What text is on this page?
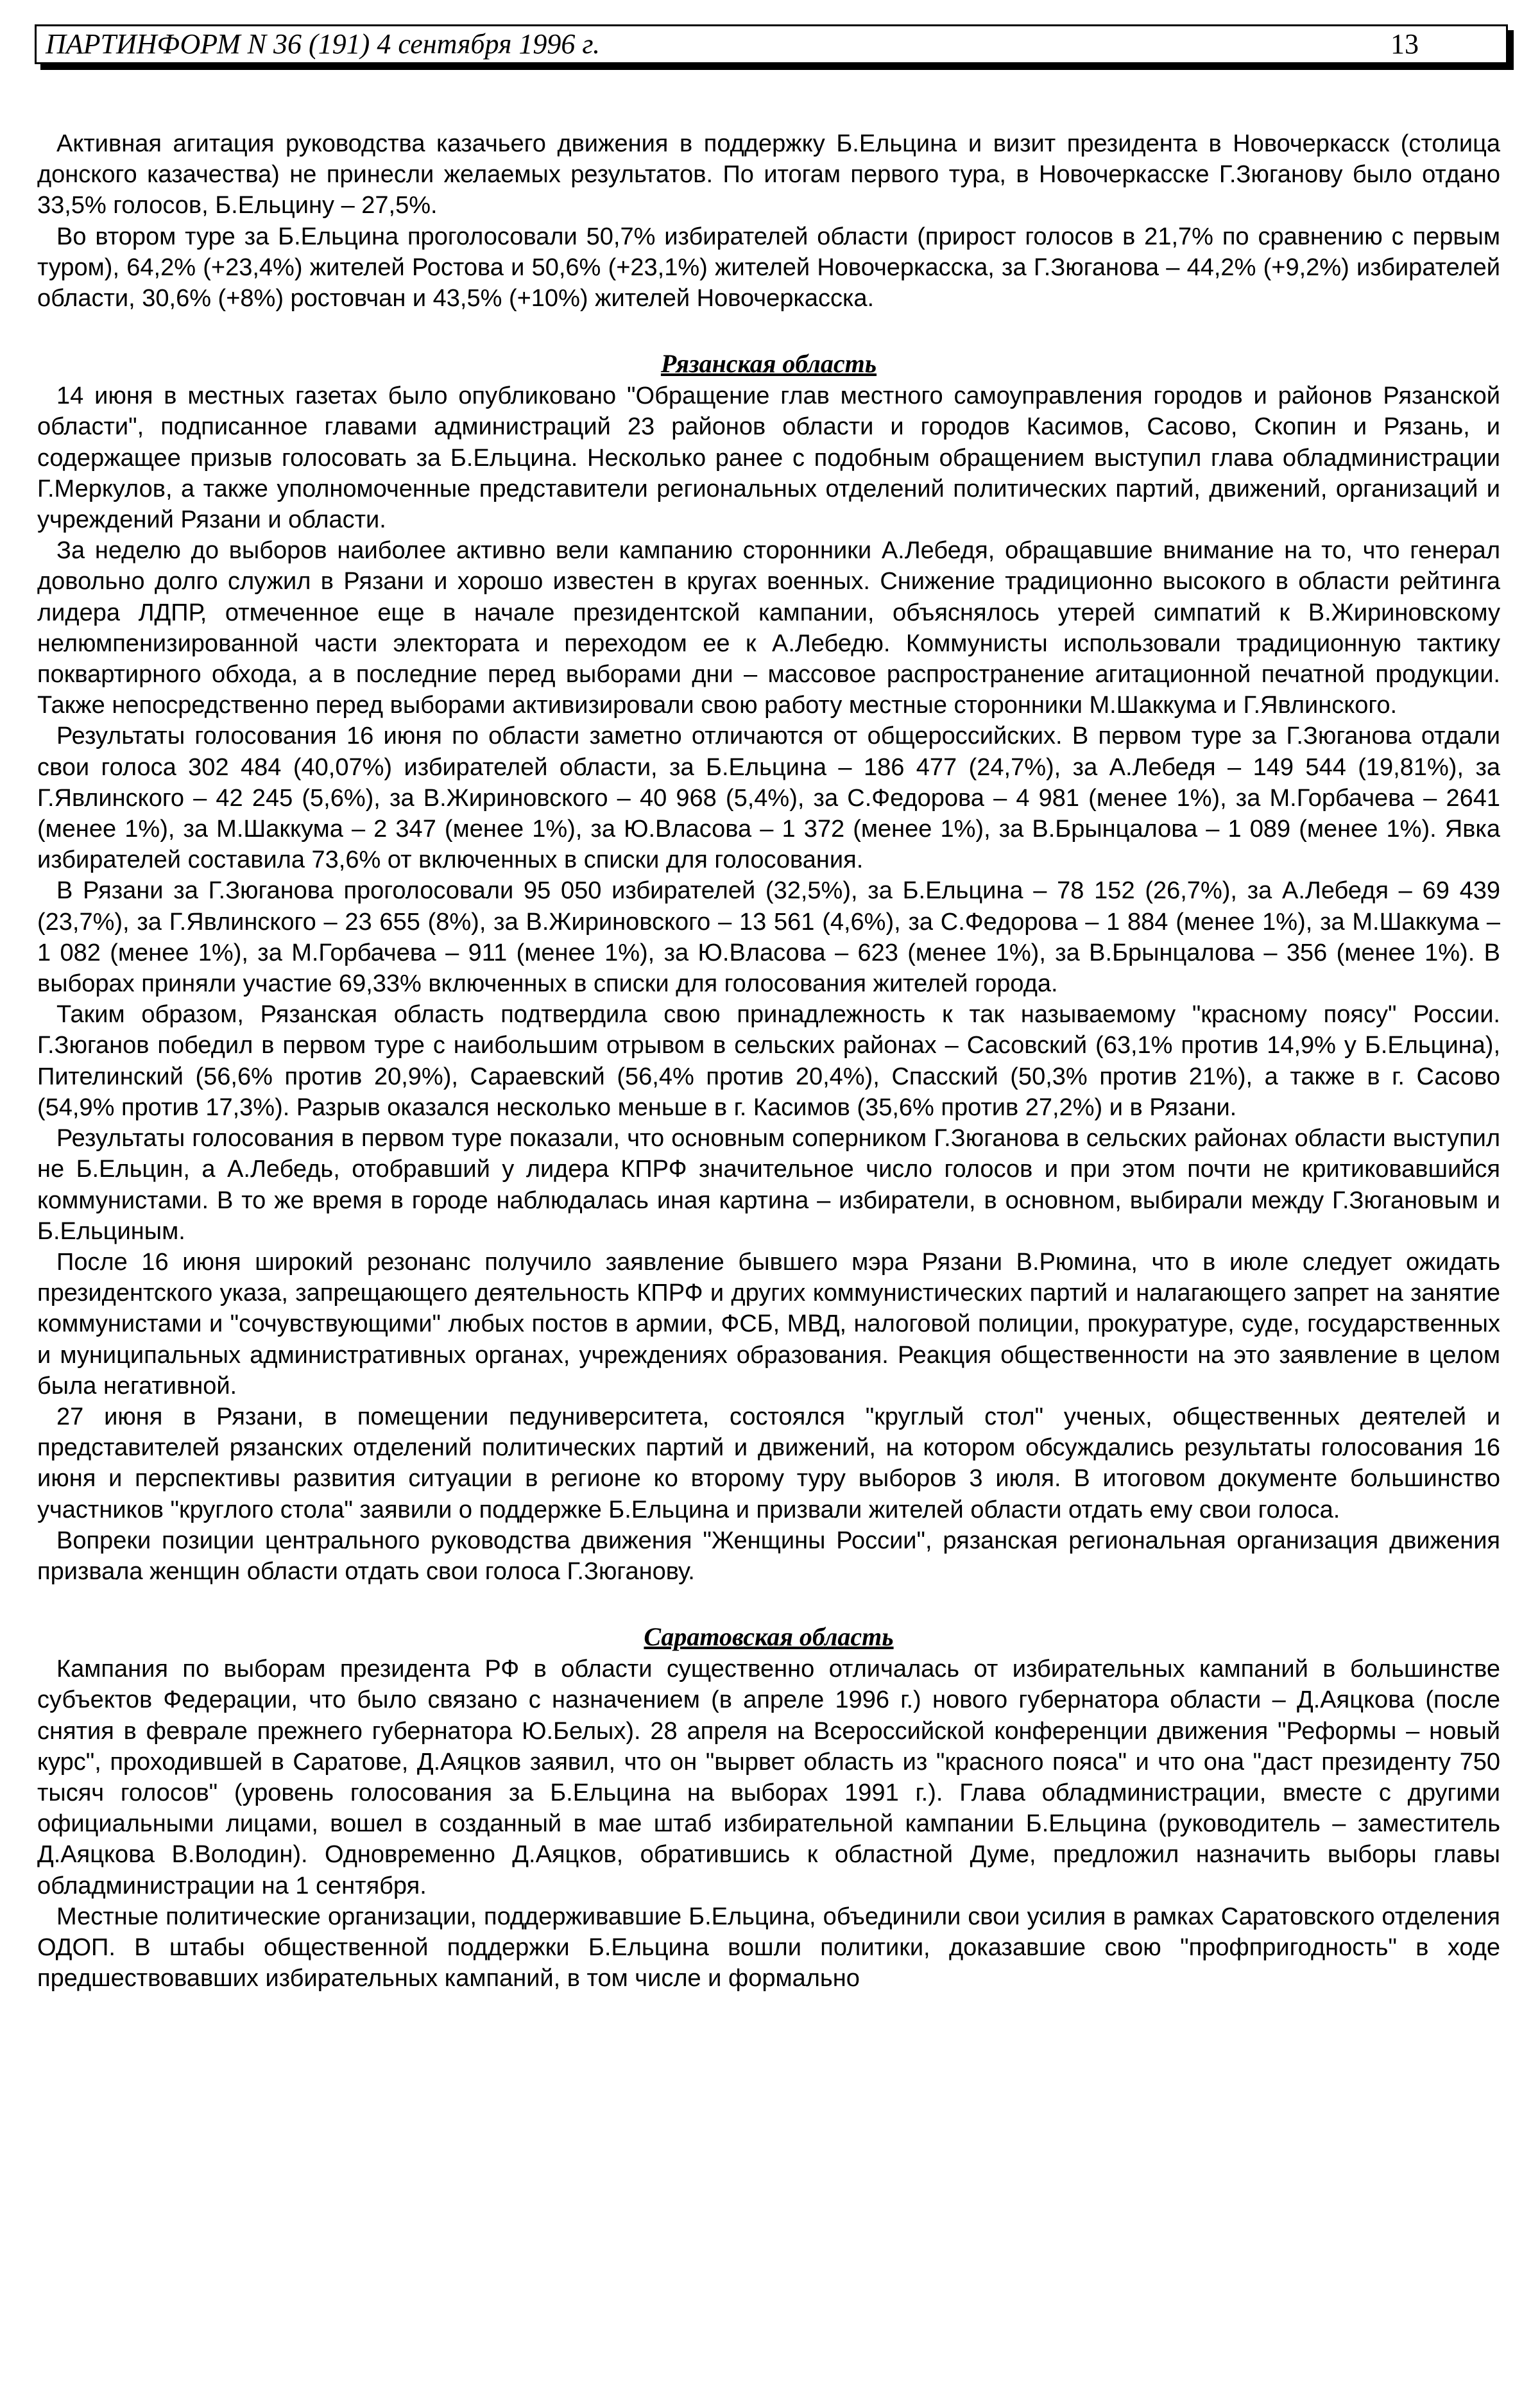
ПАРТИНФОРМ N 36 (191) 4 сентября 1996 г.	13

Активная агитация руководства казачьего движения в поддержку Б.Ельцина и визит президента в Новочеркасск (столица донского казачества) не принесли желаемых результатов. По итогам первого тура, в Новочеркасске Г.Зюганову было отдано 33,5% голосов, Б.Ельцину – 27,5%.

Во втором туре за Б.Ельцина проголосовали 50,7% избирателей области (прирост голосов в 21,7% по сравнению с первым туром), 64,2% (+23,4%) жителей Ростова и 50,6% (+23,1%) жителей Новочеркасска, за Г.Зюганова – 44,2% (+9,2%) избирателей области, 30,6% (+8%) ростовчан и 43,5% (+10%) жителей Новочеркасска.

Рязанская область

14 июня в местных газетах было опубликовано "Обращение глав местного самоуправления городов и районов Рязанской области", подписанное главами администраций 23 районов области и городов Касимов, Сасово, Скопин и Рязань, и содержащее призыв голосовать за Б.Ельцина. Несколько ранее с подобным обращением выступил глава обладминистрации Г.Меркулов, а также уполномоченные представители региональных отделений политических партий, движений, организаций и учреждений Рязани и области.

За неделю до выборов наиболее активно вели кампанию сторонники А.Лебедя, обращавшие внимание на то, что генерал довольно долго служил в Рязани и хорошо известен в кругах военных. Снижение традиционно высокого в области рейтинга лидера ЛДПР, отмеченное еще в начале президентской кампании, объяснялось утерей симпатий к В.Жириновскому нелюмпенизированной части электората и переходом ее к А.Лебедю. Коммунисты использовали традиционную тактику поквартирного обхода, а в последние перед выборами дни – массовое распространение агитационной печатной продукции. Также непосредственно перед выборами активизировали свою работу местные сторонники М.Шаккума и Г.Явлинского.

Результаты голосования 16 июня по области заметно отличаются от общероссийских. В первом туре за Г.Зюганова отдали свои голоса 302 484 (40,07%) избирателей области, за Б.Ельцина – 186 477 (24,7%), за А.Лебедя – 149 544 (19,81%), за Г.Явлинского – 42 245 (5,6%), за В.Жириновского – 40 968 (5,4%), за С.Федорова – 4 981 (менее 1%), за М.Горбачева – 2641 (менее 1%), за М.Шаккума – 2 347 (менее 1%), за Ю.Власова – 1 372 (менее 1%), за В.Брынцалова – 1 089 (менее 1%). Явка избирателей составила 73,6% от включенных в списки для голосования.

В Рязани за Г.Зюганова проголосовали 95 050 избирателей (32,5%), за Б.Ельцина – 78 152 (26,7%), за А.Лебедя – 69 439 (23,7%), за Г.Явлинского – 23 655 (8%), за В.Жириновского – 13 561 (4,6%), за С.Федорова – 1 884 (менее 1%), за М.Шаккума – 1 082 (менее 1%), за М.Горбачева – 911 (менее 1%), за Ю.Власова – 623 (менее 1%), за В.Брынцалова – 356 (менее 1%). В выборах приняли участие 69,33% включенных в списки для голосования жителей города.

Таким образом, Рязанская область подтвердила свою принадлежность к так называемому "красному поясу" России. Г.Зюганов победил в первом туре с наибольшим отрывом в сельских районах – Сасовский (63,1% против 14,9% у Б.Ельцина), Пителинский (56,6% против 20,9%), Сараевский (56,4% против 20,4%), Спасский (50,3% против 21%), а также в г. Сасово (54,9% против 17,3%). Разрыв оказался несколько меньше в г. Касимов (35,6% против 27,2%) и в Рязани.

Результаты голосования в первом туре показали, что основным соперником Г.Зюганова в сельских районах области выступил не Б.Ельцин, а А.Лебедь, отобравший у лидера КПРФ значительное число голосов и при этом почти не критиковавшийся коммунистами. В то же время в городе наблюдалась иная картина – избиратели, в основном, выбирали между Г.Зюгановым и Б.Ельциным.

После 16 июня широкий резонанс получило заявление бывшего мэра Рязани В.Рюмина, что в июле следует ожидать президентского указа, запрещающего деятельность КПРФ и других коммунистических партий и налагающего запрет на занятие коммунистами и "сочувствующими" любых постов в армии, ФСБ, МВД, налоговой полиции, прокуратуре, суде, государственных и муниципальных административных органах, учреждениях образования. Реакция общественности на это заявление в целом была негативной.

27 июня в Рязани, в помещении педуниверситета, состоялся "круглый стол" ученых, общественных деятелей и представителей рязанских отделений политических партий и движений, на котором обсуждались результаты голосования 16 июня и перспективы развития ситуации в регионе ко второму туру выборов 3 июля. В итоговом документе большинство участников "круглого стола" заявили о поддержке Б.Ельцина и призвали жителей области отдать ему свои голоса.

Вопреки позиции центрального руководства движения "Женщины России", рязанская региональная организация движения призвала женщин области отдать свои голоса Г.Зюганову.

Саратовская область

Кампания по выборам президента РФ в области существенно отличалась от избирательных кампаний в большинстве субъектов Федерации, что было связано с назначением (в апреле 1996 г.) нового губернатора области – Д.Аяцкова (после снятия в феврале прежнего губернатора Ю.Белых). 28 апреля на Всероссийской конференции движения "Реформы – новый курс", проходившей в Саратове, Д.Аяцков заявил, что он "вырвет область из "красного пояса" и что она "даст президенту 750 тысяч голосов" (уровень голосования за Б.Ельцина на выборах 1991 г.). Глава обладминистрации, вместе с другими официальными лицами, вошел в созданный в мае штаб избирательной кампании Б.Ельцина (руководитель – заместитель Д.Аяцкова В.Володин). Одновременно Д.Аяцков, обратившись к областной Думе, предложил назначить выборы главы обладминистрации на 1 сентября.

Местные политические организации, поддерживавшие Б.Ельцина, объединили свои усилия в рамках Саратовского отделения ОДОП. В штабы общественной поддержки Б.Ельцина вошли политики, доказавшие свою "профпригодность" в ходе предшествовавших избирательных кампаний, в том числе и формально
